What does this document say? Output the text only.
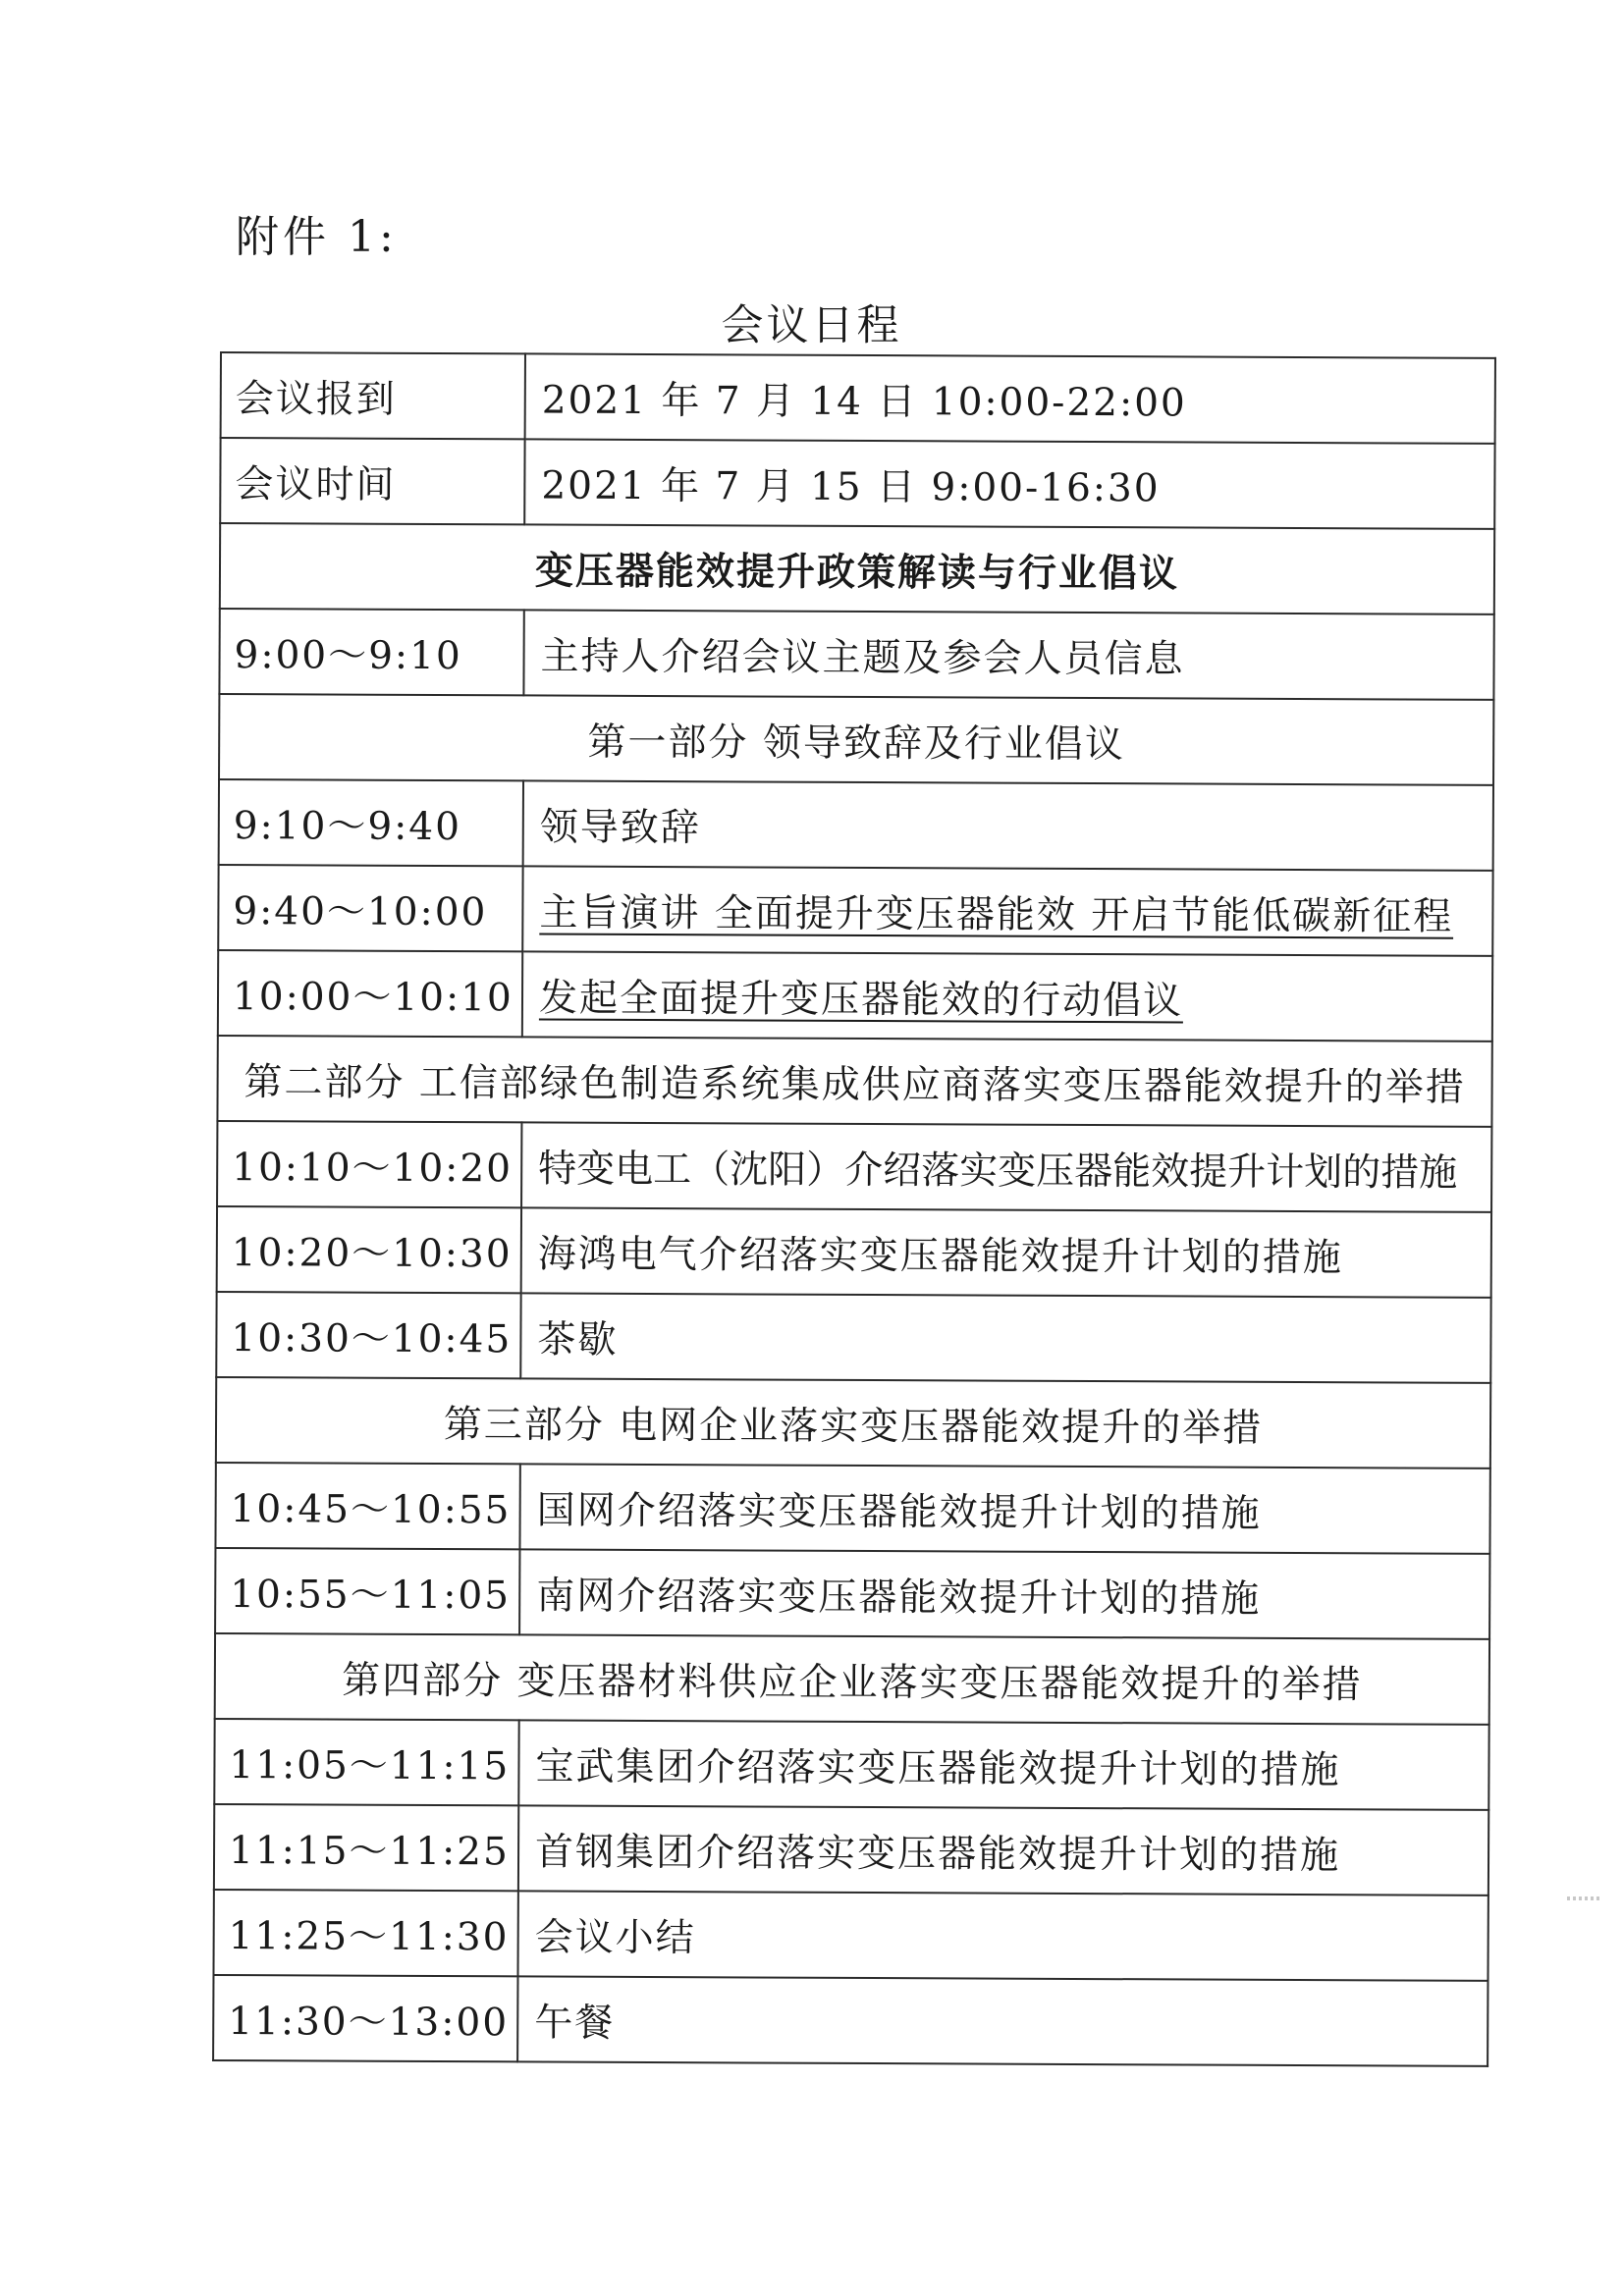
附件 1:
会议日程
会议报到	2021 年 7 月 14 日 10:00-22:00
会议时间	2021 年 7 月 15 日 9:00-16:30
变压器能效提升政策解读与行业倡议	
9:00～9:10	主持人介绍会议主题及参会人员信息
第一部分 领导致辞及行业倡议	
9:10～9:40	领导致辞
9:40～10:00	主旨演讲 全面提升变压器能效 开启节能低碳新征程
10:00～10:10	发起全面提升变压器能效的行动倡议
第二部分 工信部绿色制造系统集成供应商落实变压器能效提升的举措	
10:10～10:20	特变电工（沈阳）介绍落实变压器能效提升计划的措施
10:20～10:30	海鸿电气介绍落实变压器能效提升计划的措施
10:30～10:45	茶歇
第三部分 电网企业落实变压器能效提升的举措	
10:45～10:55	国网介绍落实变压器能效提升计划的措施
10:55～11:05	南网介绍落实变压器能效提升计划的措施
第四部分 变压器材料供应企业落实变压器能效提升的举措	
11:05～11:15	宝武集团介绍落实变压器能效提升计划的措施
11:15～11:25	首钢集团介绍落实变压器能效提升计划的措施
11:25～11:30	会议小结
11:30～13:00	午餐
